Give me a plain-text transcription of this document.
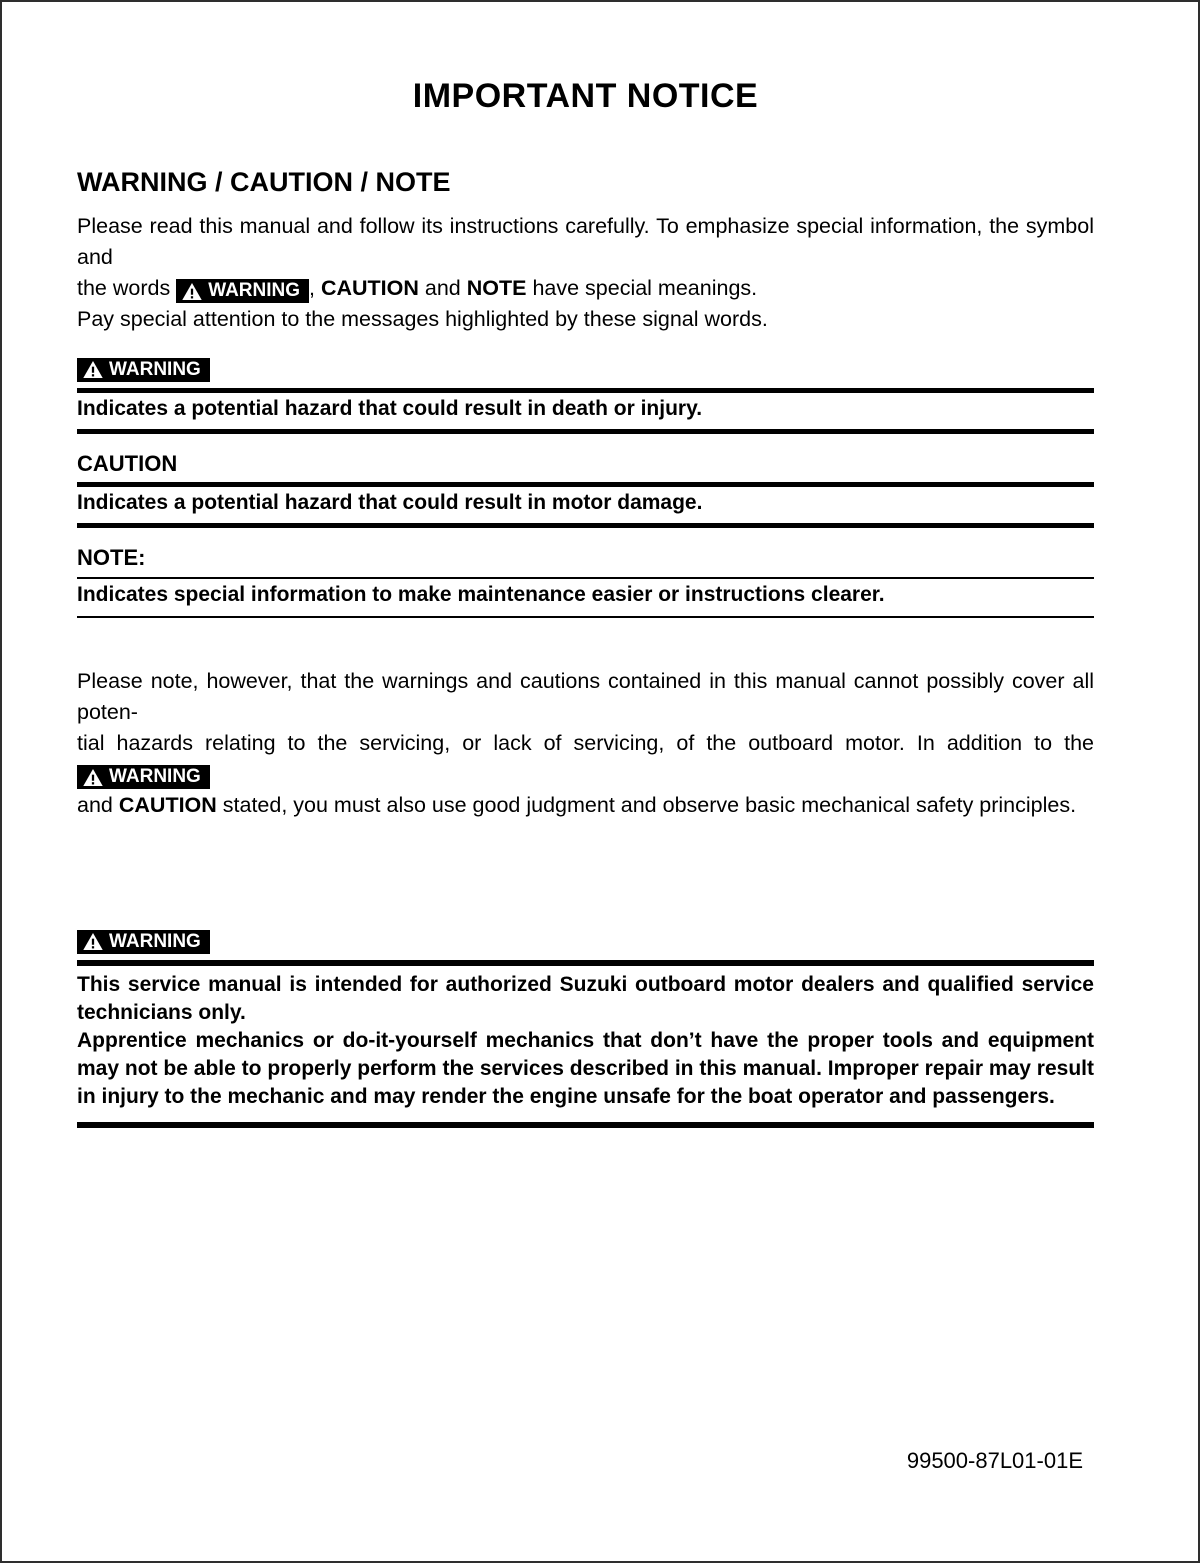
IMPORTANT NOTICE
WARNING / CAUTION / NOTE
Please read this manual and follow its instructions carefully. To emphasize special information, the symbol and
the words WARNING , CAUTION and NOTE have special meanings.
Pay special attention to the messages highlighted by these signal words.
WARNING
Indicates a potential hazard that could result in death or injury.
CAUTION
Indicates a potential hazard that could result in motor damage.
NOTE:
Indicates special information to make maintenance easier or instructions clearer.
Please note, however, that the warnings and cautions contained in this manual cannot possibly cover all poten-
tial hazards relating to the servicing, or lack of servicing, of the outboard motor. In addition to the
WARNING
and CAUTION stated, you must also use good judgment and observe basic mechanical safety principles.
WARNING
This service manual is intended for authorized Suzuki outboard motor dealers and qualified service
technicians only.
Apprentice mechanics or do-it-yourself mechanics that don’t have the proper tools and equipment
may not be able to properly perform the services described in this manual. Improper repair may result
in injury to the mechanic and may render the engine unsafe for the boat operator and passengers.
99500-87L01-01E
